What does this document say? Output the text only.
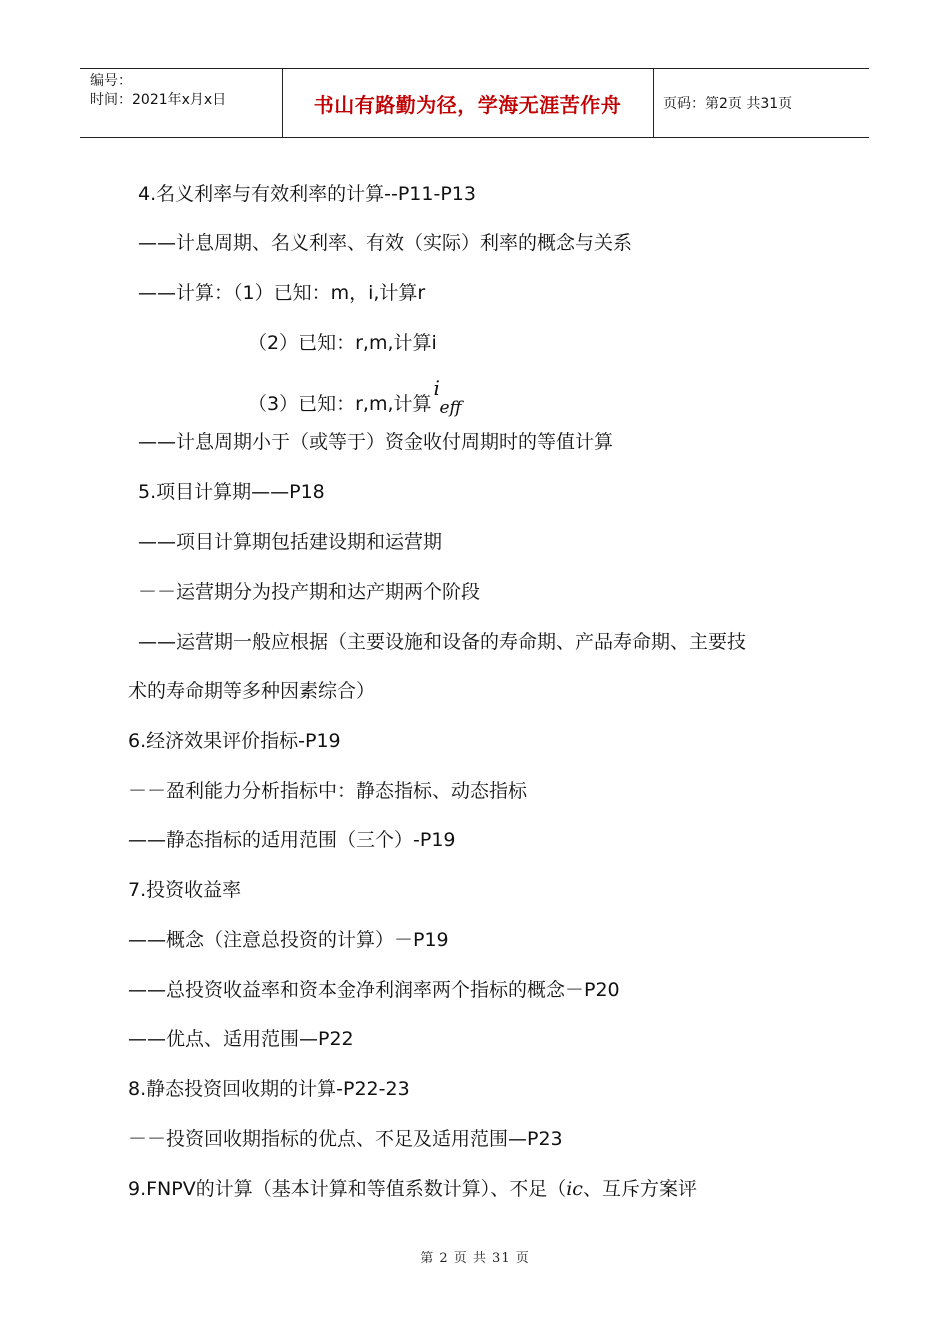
编号：
时间：2021年x月x日	书山有路勤为径，学海无涯苦作舟	页码：第2页 共31页
4.名义利率与有效利率的计算--P11-P13
——计息周期、名义利率、有效（实际）利率的概念与关系
——计算：（1）已知：m，i,计算r
（2）已知：r,m,计算i
（3）已知：r,m,计算
i
eff
——计息周期小于（或等于）资金收付周期时的等值计算
5.项目计算期——P18
——项目计算期包括建设期和运营期
－－运营期分为投产期和达产期两个阶段
——运营期一般应根据（主要设施和设备的寿命期、产品寿命期、主要技
术的寿命期等多种因素综合）
6.经济效果评价指标-P19
－－盈利能力分析指标中：静态指标、动态指标
——静态指标的适用范围（三个）-P19
7.投资收益率
——概念（注意总投资的计算）－P19
——总投资收益率和资本金净利润率两个指标的概念－P20
——优点、适用范围—P22
8.静态投资回收期的计算-P22-23
－－投资回收期指标的优点、不足及适用范围—P23
9.FNPV的计算（基本计算和等值系数计算）、不足（ic、互斥方案评
第 2 页 共 31 页
